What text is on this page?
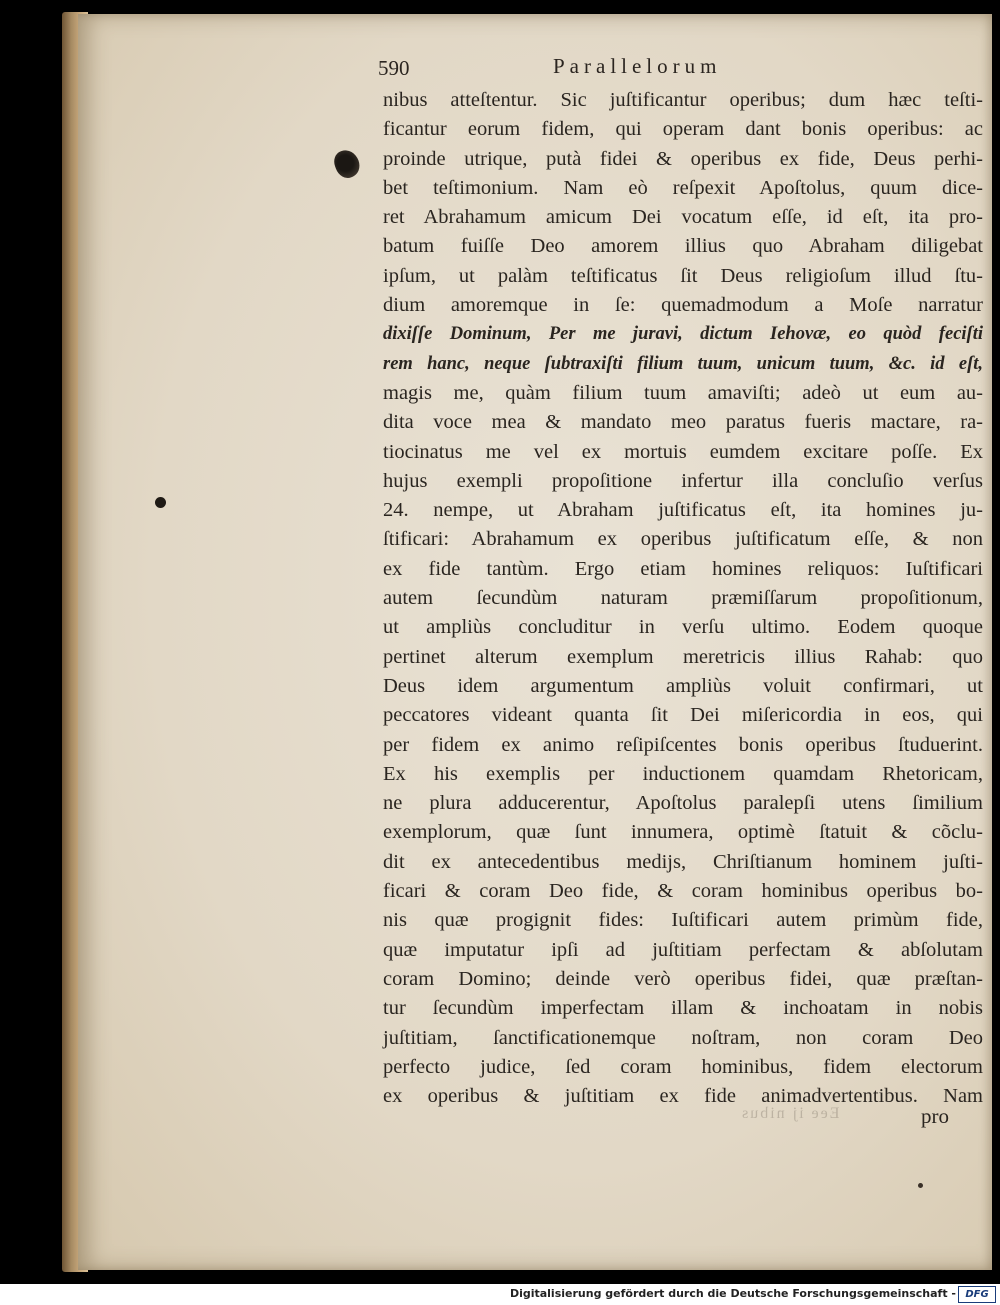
590	Parallelorum
nibus atteſtentur. Sic juſtificantur operibus; dum hæc teſti-
ficantur eorum fidem, qui operam dant bonis operibus: ac
proinde utrique, putà fidei & operibus ex fide, Deus perhi-
bet teſtimonium. Nam eò reſpexit Apoſtolus, quum dice-
ret Abrahamum amicum Dei vocatum eſſe, id eſt, ita pro-
batum fuiſſe Deo amorem illius quo Abraham diligebat
ipſum, ut palàm teſtificatus ſit Deus religioſum illud ſtu-
dium amoremque in ſe: quemadmodum a Moſe narratur
dixiſſe Dominum, Per me juravi, dictum Iehovæ, eo quòd feciſti
rem hanc, neque ſubtraxiſti filium tuum, unicum tuum, &c. id eſt,
magis me, quàm filium tuum amaviſti; adeò ut eum au-
dita voce mea & mandato meo paratus fueris mactare, ra-
tiocinatus me vel ex mortuis eumdem excitare poſſe. Ex
hujus exempli propoſitione infertur illa concluſio verſus
24. nempe, ut Abraham juſtificatus eſt, ita homines ju-
ſtificari: Abrahamum ex operibus juſtificatum eſſe, & non
ex fide tantùm. Ergo etiam homines reliquos: Iuſtificari
autem ſecundùm naturam præmiſſarum propoſitionum,
ut ampliùs concluditur in verſu ultimo. Eodem quoque
pertinet alterum exemplum meretricis illius Rahab: quo
Deus idem argumentum ampliùs voluit confirmari, ut
peccatores videant quanta ſit Dei miſericordia in eos, qui
per fidem ex animo reſipiſcentes bonis operibus ſtuduerint.
Ex his exemplis per inductionem quamdam Rhetoricam,
ne plura adducerentur, Apoſtolus paralepſi utens ſimilium
exemplorum, quæ ſunt innumera, optimè ſtatuit & cõclu-
dit ex antecedentibus medijs, Chriſtianum hominem juſti-
ficari & coram Deo fide, & coram hominibus operibus bo-
nis quæ progignit fides: Iuſtificari autem primùm fide,
quæ imputatur ipſi ad juſtitiam perfectam & abſolutam
coram Domino; deinde verò operibus fidei, quæ præſtan-
tur ſecundùm imperfectam illam & inchoatam in nobis
juſtitiam, ſanctificationemque noſtram, non coram Deo
perfecto judice, ſed coram hominibus, fidem electorum
ex operibus & juſtitiam ex fide animadvertentibus. Nam
Eee ij nibus	pro
Digitalisierung gefördert durch die Deutsche Forschungsgemeinschaft - DFG
